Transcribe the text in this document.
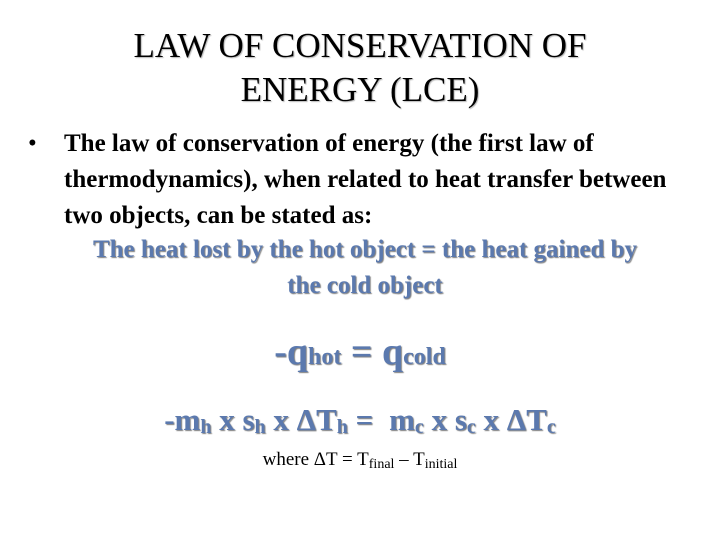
LAW OF CONSERVATION OF
ENERGY (LCE)
•	The law of conservation of energy (the first law of thermodynamics), when related to heat transfer between two objects, can be stated as:
The heat lost by the hot object = the heat gained by
the cold object
-qhot = qcold
-mh x sh x ΔTh = mc x sc x ΔTc
where $\Delta T = T_{final} - T_{initial}$
